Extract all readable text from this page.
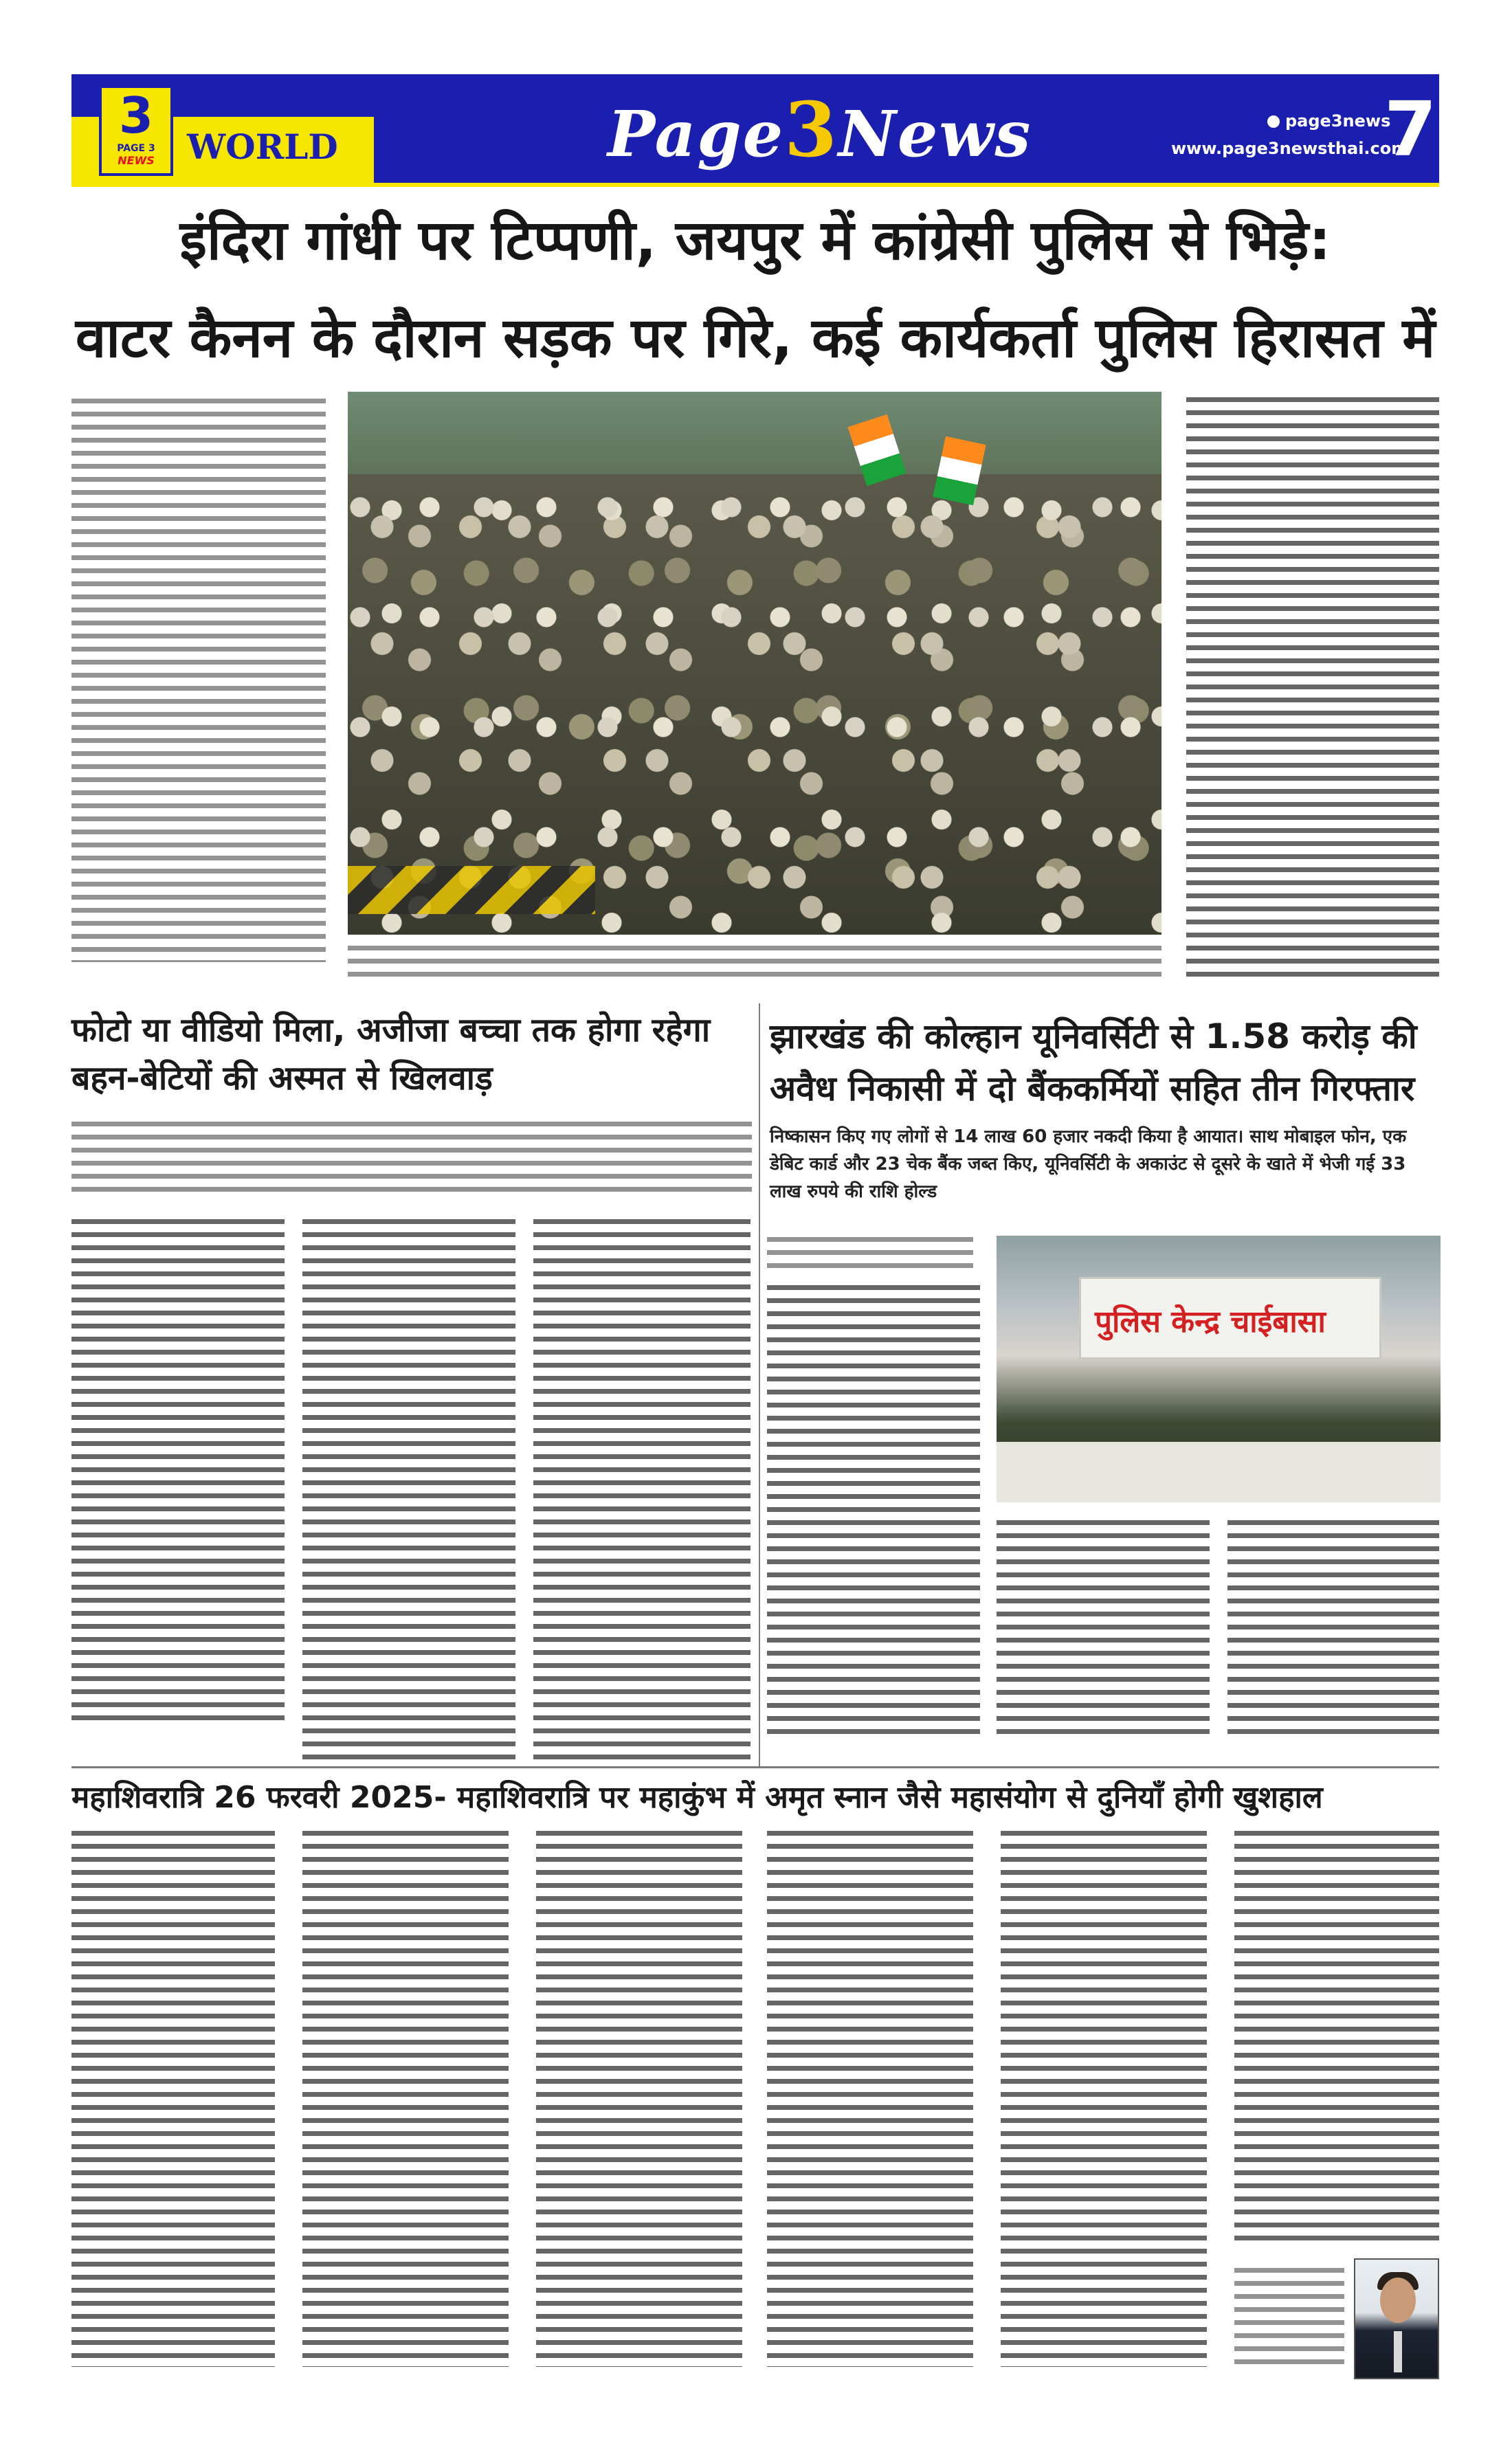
3
PAGE 3
NEWS WORLD	Page3News	page3news
www.page3newsthai.com
7
इंदिरा गांधी पर टिप्पणी, जयपुर में कांग्रेसी पुलिस से भिड़े:
वाटर कैनन के दौरान सड़क पर गिरे, कई कार्यकर्ता पुलिस हिरासत में
फोटो या वीडियो मिला, अजीजा बच्चा तक होगा रहेगा बहन-बेटियों की अस्मत से खिलवाड़
झारखंड की कोल्हान यूनिवर्सिटी से 1.58 करोड़ की अवैध निकासी में दो बैंककर्मियों सहित तीन गिरफ्तार
निष्कासन किए गए लोगों से 14 लाख 60 हजार नकदी किया है आयात। साथ मोबाइल फोन, एक डेबिट कार्ड और 23 चेक बैंक जब्त किए, यूनिवर्सिटी के अकाउंट से दूसरे के खाते में भेजी गई 33 लाख रुपये की राशि होल्ड
पुलिस केन्द्र चाईबासा
महाशिवरात्रि 26 फरवरी 2025- महाशिवरात्रि पर महाकुंभ में अमृत स्नान जैसे महासंयोग से दुनियाँ होगी खुशहाल
